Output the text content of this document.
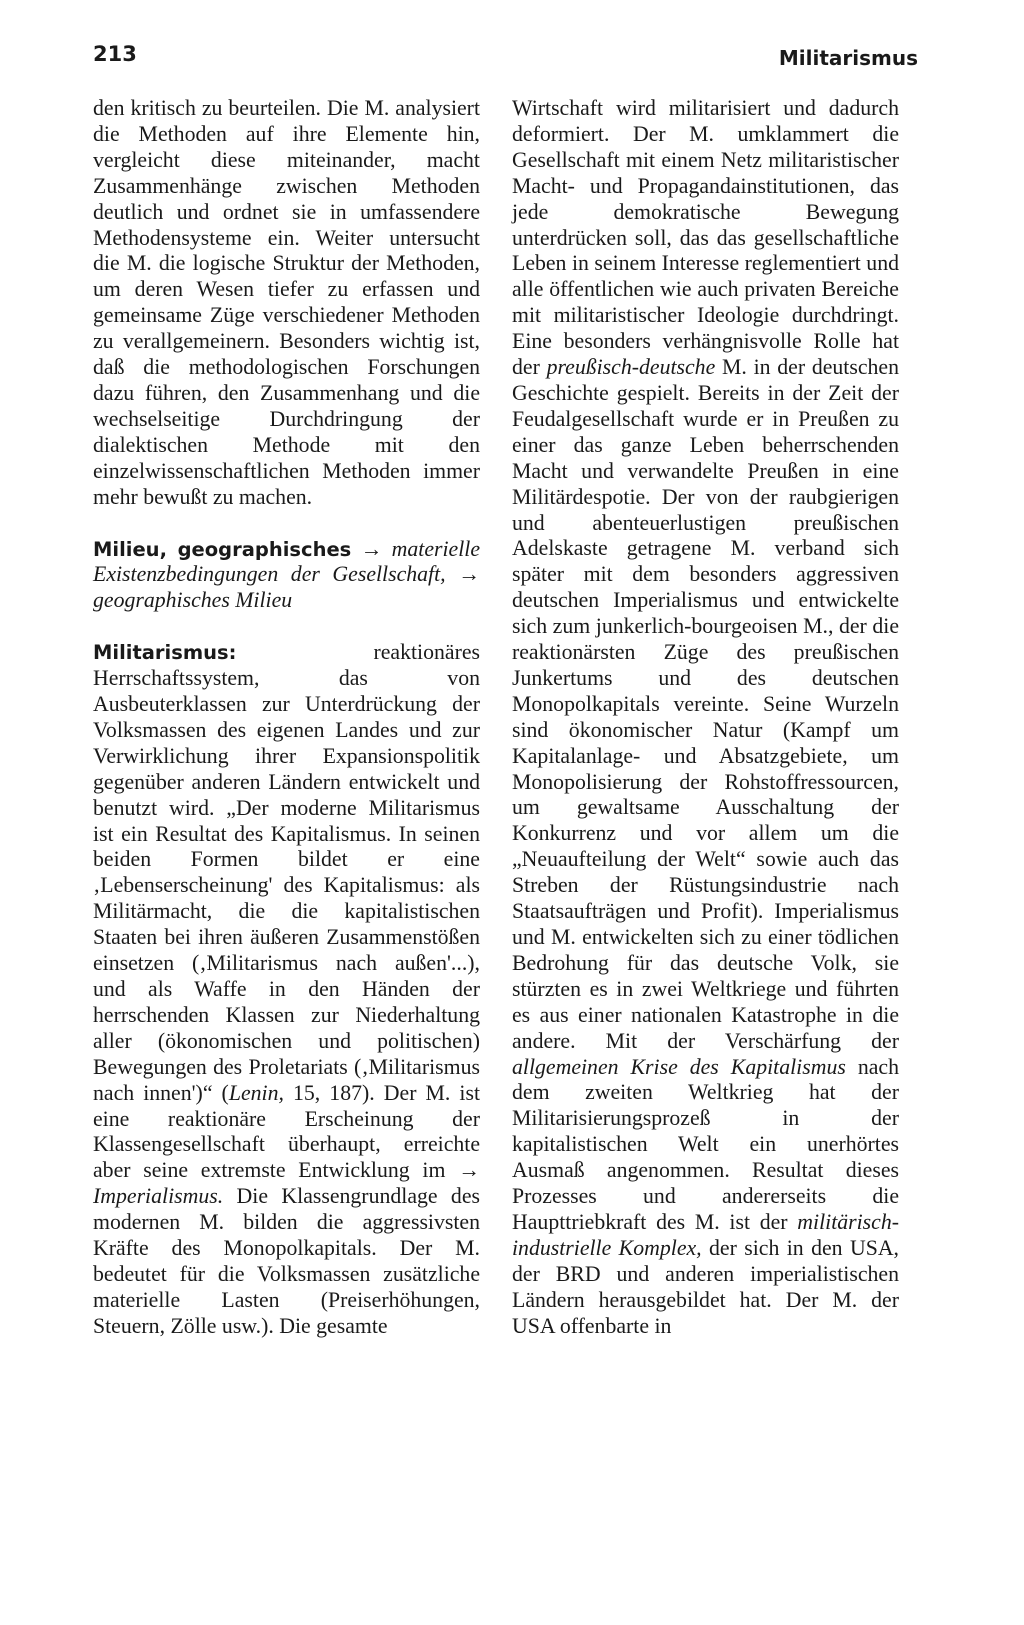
213	Militarismus

den kritisch zu beurteilen. Die M. analysiert die Methoden auf ihre Elemente hin, vergleicht diese miteinander, macht Zusammenhänge zwischen Methoden deutlich und ordnet sie in umfassendere Methodensysteme ein. Weiter untersucht die M. die logische Struktur der Methoden, um deren Wesen tiefer zu erfassen und gemeinsame Züge verschiedener Methoden zu verallgemeinern. Besonders wichtig ist, daß die methodologischen Forschungen dazu führen, den Zusammenhang und die wechselseitige Durchdringung der dialektischen Methode mit den einzelwissenschaftlichen Methoden immer mehr bewußt zu machen.

Milieu, geographisches → materielle Existenzbedingungen der Gesellschaft, → geographisches Milieu

Militarismus:	reaktionäres Herrschaftssystem, das von Ausbeuterklassen zur Unterdrückung der Volksmassen des eigenen Landes und zur Verwirklichung ihrer Expansionspolitik gegenüber anderen Ländern entwickelt und benutzt wird. „Der moderne Militarismus ist ein Resultat des Kapitalismus. In seinen beiden Formen bildet er eine ‚Lebenserscheinung' des Kapitalismus: als Militärmacht, die die kapitalistischen Staaten bei ihren äußeren Zusammenstößen einsetzen (‚Militarismus nach außen'...), und als Waffe in den Händen der herrschenden Klassen zur Niederhaltung aller (ökonomischen und politischen) Bewegungen des Proletariats (‚Militarismus nach innen')“ (Lenin, 15, 187). Der M. ist eine reaktionäre Erscheinung der Klassengesellschaft überhaupt, erreichte aber seine extremste Entwicklung im → Imperialismus. Die Klassengrundlage des modernen M. bilden die aggressivsten Kräfte des Monopolkapitals. Der M. bedeutet für die Volksmassen zusätzliche materielle Lasten (Preiserhöhungen, Steuern, Zölle usw.). Die gesamte

Wirtschaft wird militarisiert und dadurch deformiert. Der M. umklammert die Gesellschaft mit einem Netz militaristischer Macht- und Propagandainstitutionen, das jede demokratische Bewegung unterdrücken soll, das das gesellschaftliche Leben in seinem Interesse reglementiert und alle öffentlichen wie auch privaten Bereiche mit militaristischer Ideologie durchdringt. Eine besonders verhängnisvolle Rolle hat der preußisch-deutsche M. in der deutschen Geschichte gespielt. Bereits in der Zeit der Feudalgesellschaft wurde er in Preußen zu einer das ganze Leben beherrschenden Macht und verwandelte Preußen in eine Militärdespotie. Der von der raubgierigen und abenteuerlustigen preußischen Adelskaste getragene M. verband sich später mit dem besonders aggressiven deutschen Imperialismus und entwickelte sich zum junkerlich-bourgeoisen M., der die reaktionärsten Züge des preußischen Junkertums und des deutschen Monopolkapitals vereinte. Seine Wurzeln sind ökonomischer Natur (Kampf um Kapitalanlage- und Absatzgebiete, um Monopolisierung der Rohstoffressourcen, um gewaltsame Ausschaltung der Konkurrenz und vor allem um die „Neuaufteilung der Welt“ sowie auch das Streben der Rüstungsindustrie nach Staatsaufträgen und Profit). Imperialismus und M. entwickelten sich zu einer tödlichen Bedrohung für das deutsche Volk, sie stürzten es in zwei Weltkriege und führten es aus einer nationalen Katastrophe in die andere. Mit der Verschärfung der allgemeinen Krise des Kapitalismus nach dem zweiten Weltkrieg hat der Militarisierungsprozeß in der kapitalistischen Welt ein unerhörtes Ausmaß angenommen. Resultat dieses Prozesses und andererseits die Haupttriebkraft des M. ist der militärisch-industrielle Komplex, der sich in den USA, der BRD und anderen imperialistischen Ländern herausgebildet hat. Der M. der USA offenbarte in
